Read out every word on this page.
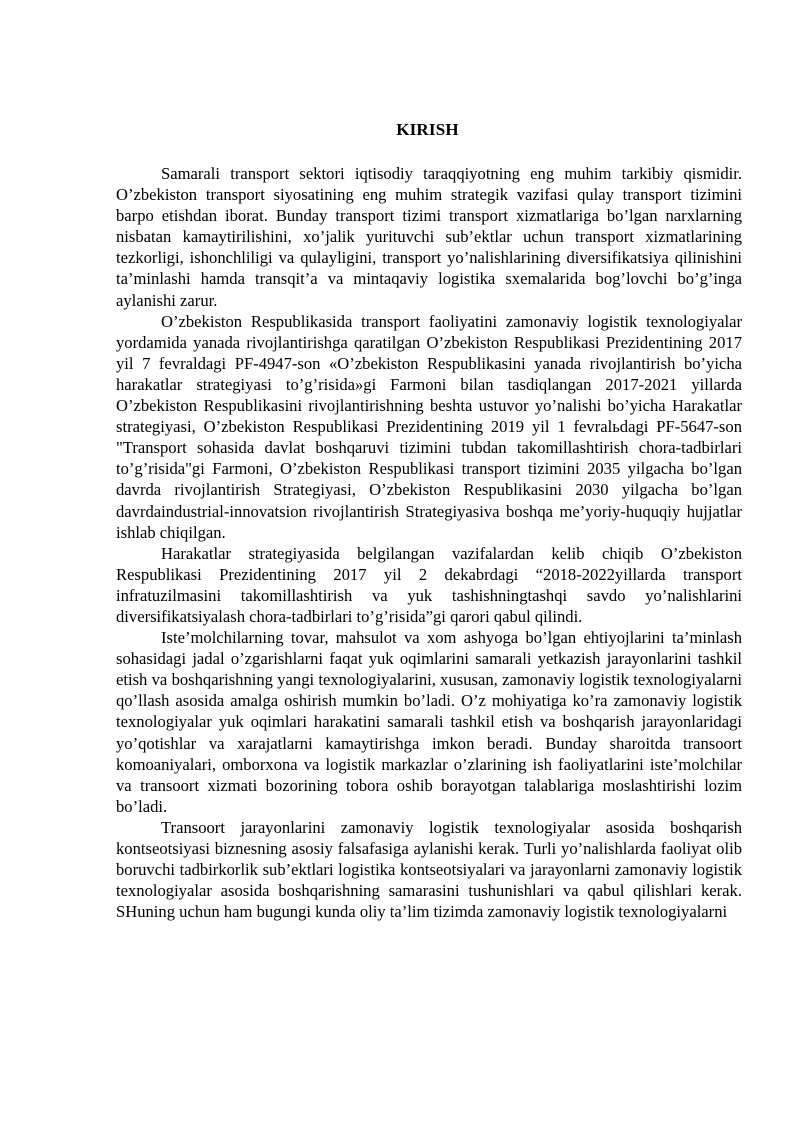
KIRISH

Samarali transport sektori iqtisodiy taraqqiyotning eng muhim tarkibiy qismidir. O’zbekiston transport siyosatining eng muhim strategik vazifasi qulay transport tizimini barpo etishdan iborat. Bunday transport tizimi transport xizmatlariga bo’lgan narxlarning nisbatan kamaytirilishini, xo’jalik yurituvchi sub’ektlar uchun transport xizmatlarining tezkorligi, ishonchliligi va qulayligini, transport yo’nalishlarining diversifikatsiya qilinishini ta’minlashi hamda transqit’a va mintaqaviy logistika sxemalarida bog’lovchi bo’g’inga aylanishi zarur.

O’zbekiston Respublikasida transport faoliyatini zamonaviy logistik texnologiyalar yordamida yanada rivojlantirishga qaratilgan O’zbekiston Respublikasi Prezidentining 2017 yil 7 fevraldagi PF-4947-son «O’zbekiston Respublikasini yanada rivojlantirish bo’yicha harakatlar strategiyasi to’g’risida»gi Farmoni bilan tasdiqlangan 2017-2021 yillarda O’zbekiston Respublikasini rivojlantirishning beshta ustuvor yo’nalishi bo’yicha Harakatlar strategiyasi, O’zbekiston Respublikasi Prezidentining 2019 yil 1 fevralьdagi PF-5647-son "Transport sohasida davlat boshqaruvi tizimini tubdan takomillashtirish chora-tadbirlari to’g’risida"gi Farmoni, O’zbekiston Respublikasi transport tizimini 2035 yilgacha bo’lgan davrda rivojlantirish Strategiyasi, O’zbekiston Respublikasini 2030 yilgacha bo’lgan davrdaindustrial-innovatsion rivojlantirish Strategiyasiva boshqa me’yoriy-huquqiy hujjatlar ishlab chiqilgan.

Harakatlar strategiyasida belgilangan vazifalardan kelib chiqib O’zbekiston Respublikasi Prezidentining 2017 yil 2 dekabrdagi “2018-2022yillarda transport infratuzilmasini takomillashtirish va yuk tashishningtashqi savdo yo’nalishlarini diversifikatsiyalash chora-tadbirlari to’g’risida”gi qarori qabul qilindi.

Iste’molchilarning tovar, mahsulot va xom ashyoga bo’lgan ehtiyojlarini ta’minlash sohasidagi jadal o’zgarishlarni faqat yuk oqimlarini samarali yetkazish jarayonlarini tashkil etish va boshqarishning yangi texnologiyalarini, xususan, zamonaviy logistik texnologiyalarni qo’llash asosida amalga oshirish mumkin bo’ladi. O’z mohiyatiga ko’ra zamonaviy logistik texnologiyalar yuk oqimlari harakatini samarali tashkil etish va boshqarish jarayonlaridagi yo’qotishlar va xarajatlarni kamaytirishga imkon beradi. Bunday sharoitda transoort komoaniyalari, omborxona va logistik markazlar o’zlarining ish faoliyatlarini iste’molchilar va transoort xizmati bozorining tobora oshib borayotgan talablariga moslashtirishi lozim bo’ladi.

Transoort jarayonlarini zamonaviy logistik texnologiyalar asosida boshqarish kontseotsiyasi biznesning asosiy falsafasiga aylanishi kerak. Turli yo’nalishlarda faoliyat olib boruvchi tadbirkorlik sub’ektlari logistika kontseotsiyalari va jarayonlarni zamonaviy logistik texnologiyalar asosida boshqarishning samarasini tushunishlari va qabul qilishlari kerak. SHuning uchun ham bugungi kunda oliy ta’lim tizimda zamonaviy logistik texnologiyalarni
